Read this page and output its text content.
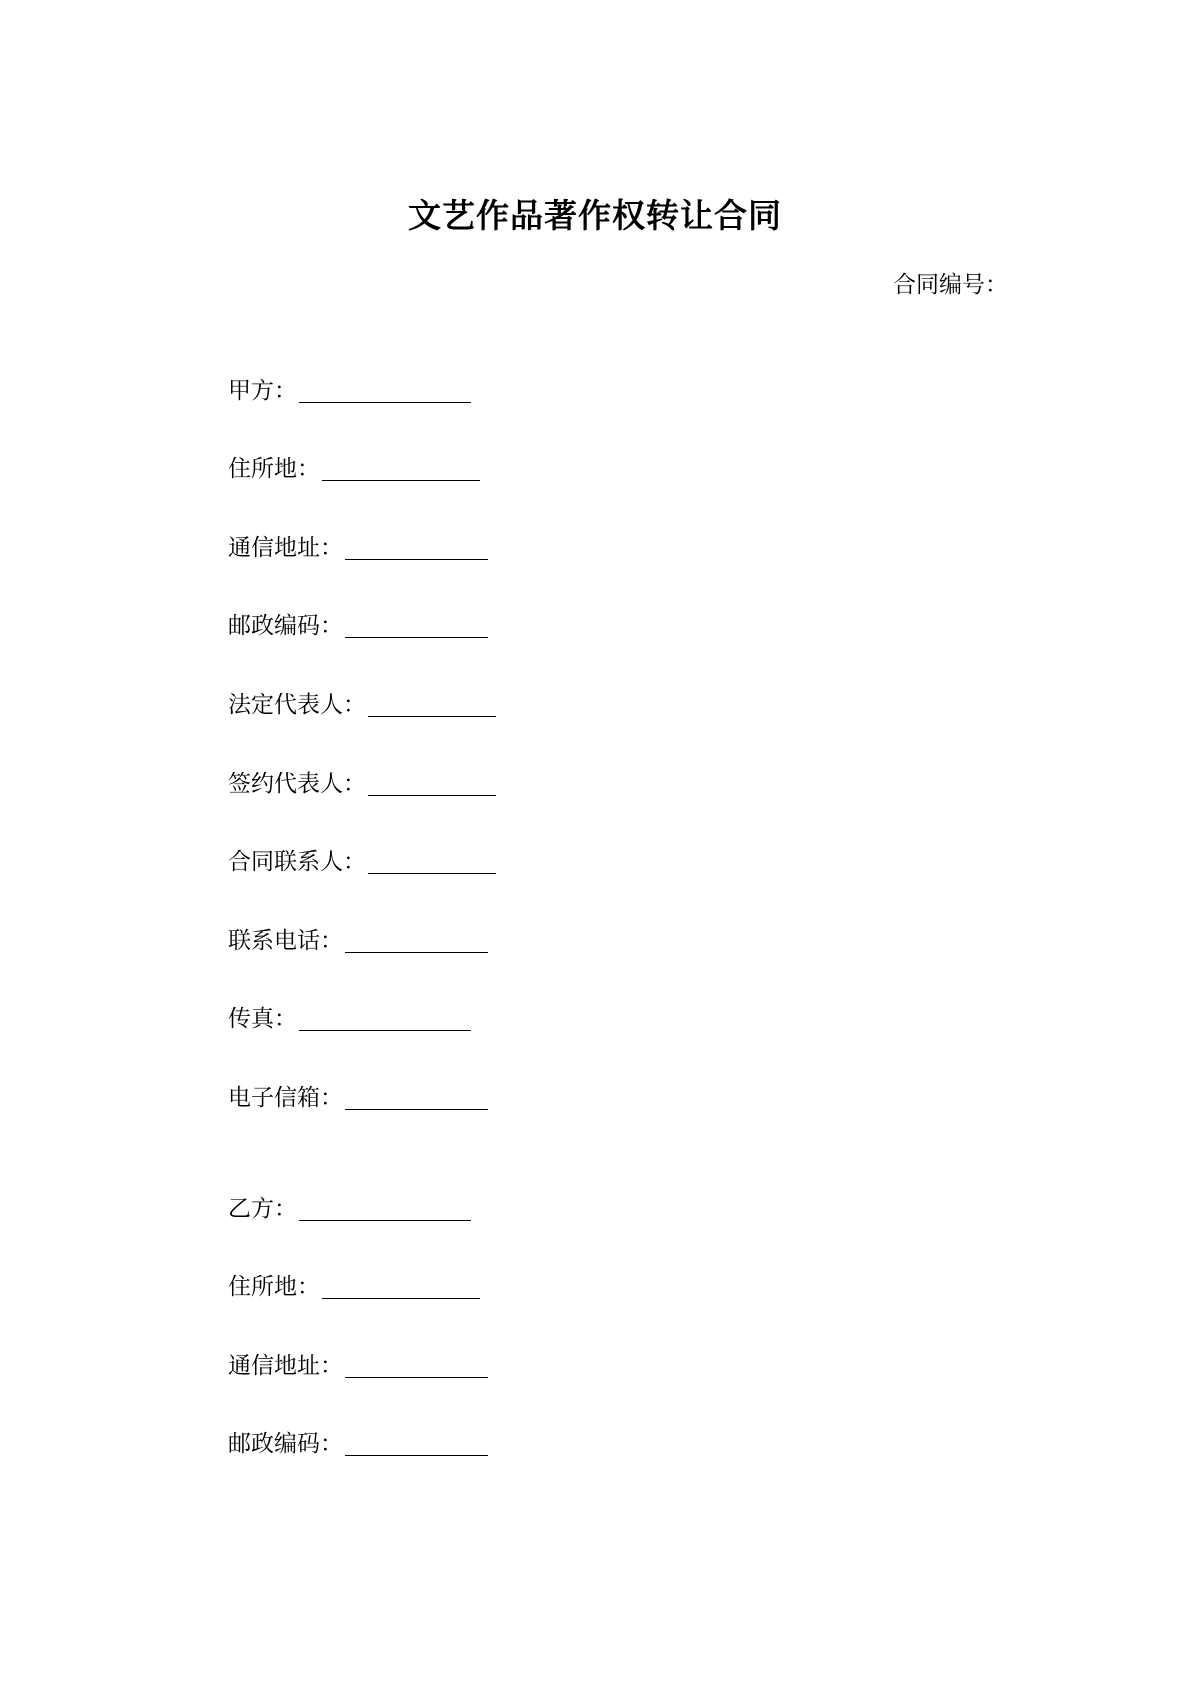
文艺作品著作权转让合同
合同编号：
甲方：
住所地：
通信地址：
邮政编码：
法定代表人：
签约代表人：
合同联系人：
联系电话：
传真：
电子信箱：
乙方：
住所地：
通信地址：
邮政编码：
